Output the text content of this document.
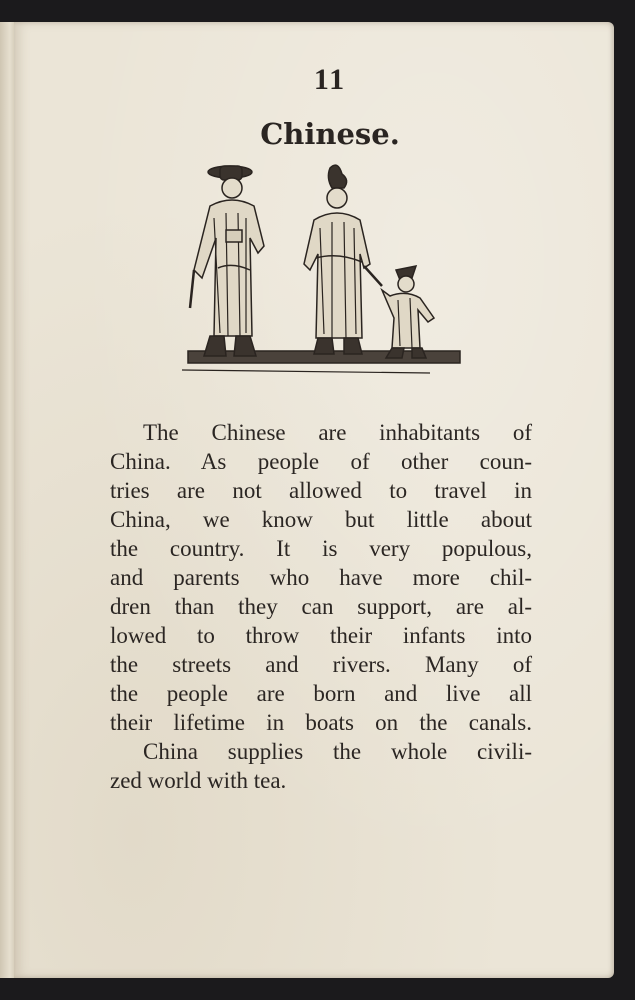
11
Chinese.
The Chinese are inhabitants of
China. As people of other coun-
tries are not allowed to travel in
China, we know but little about
the country. It is very populous,
and parents who have more chil-
dren than they can support, are al-
lowed to throw their infants into
the streets and rivers. Many of
the people are born and live all
their lifetime in boats on the canals.
China supplies the whole civili-
zed world with tea.
